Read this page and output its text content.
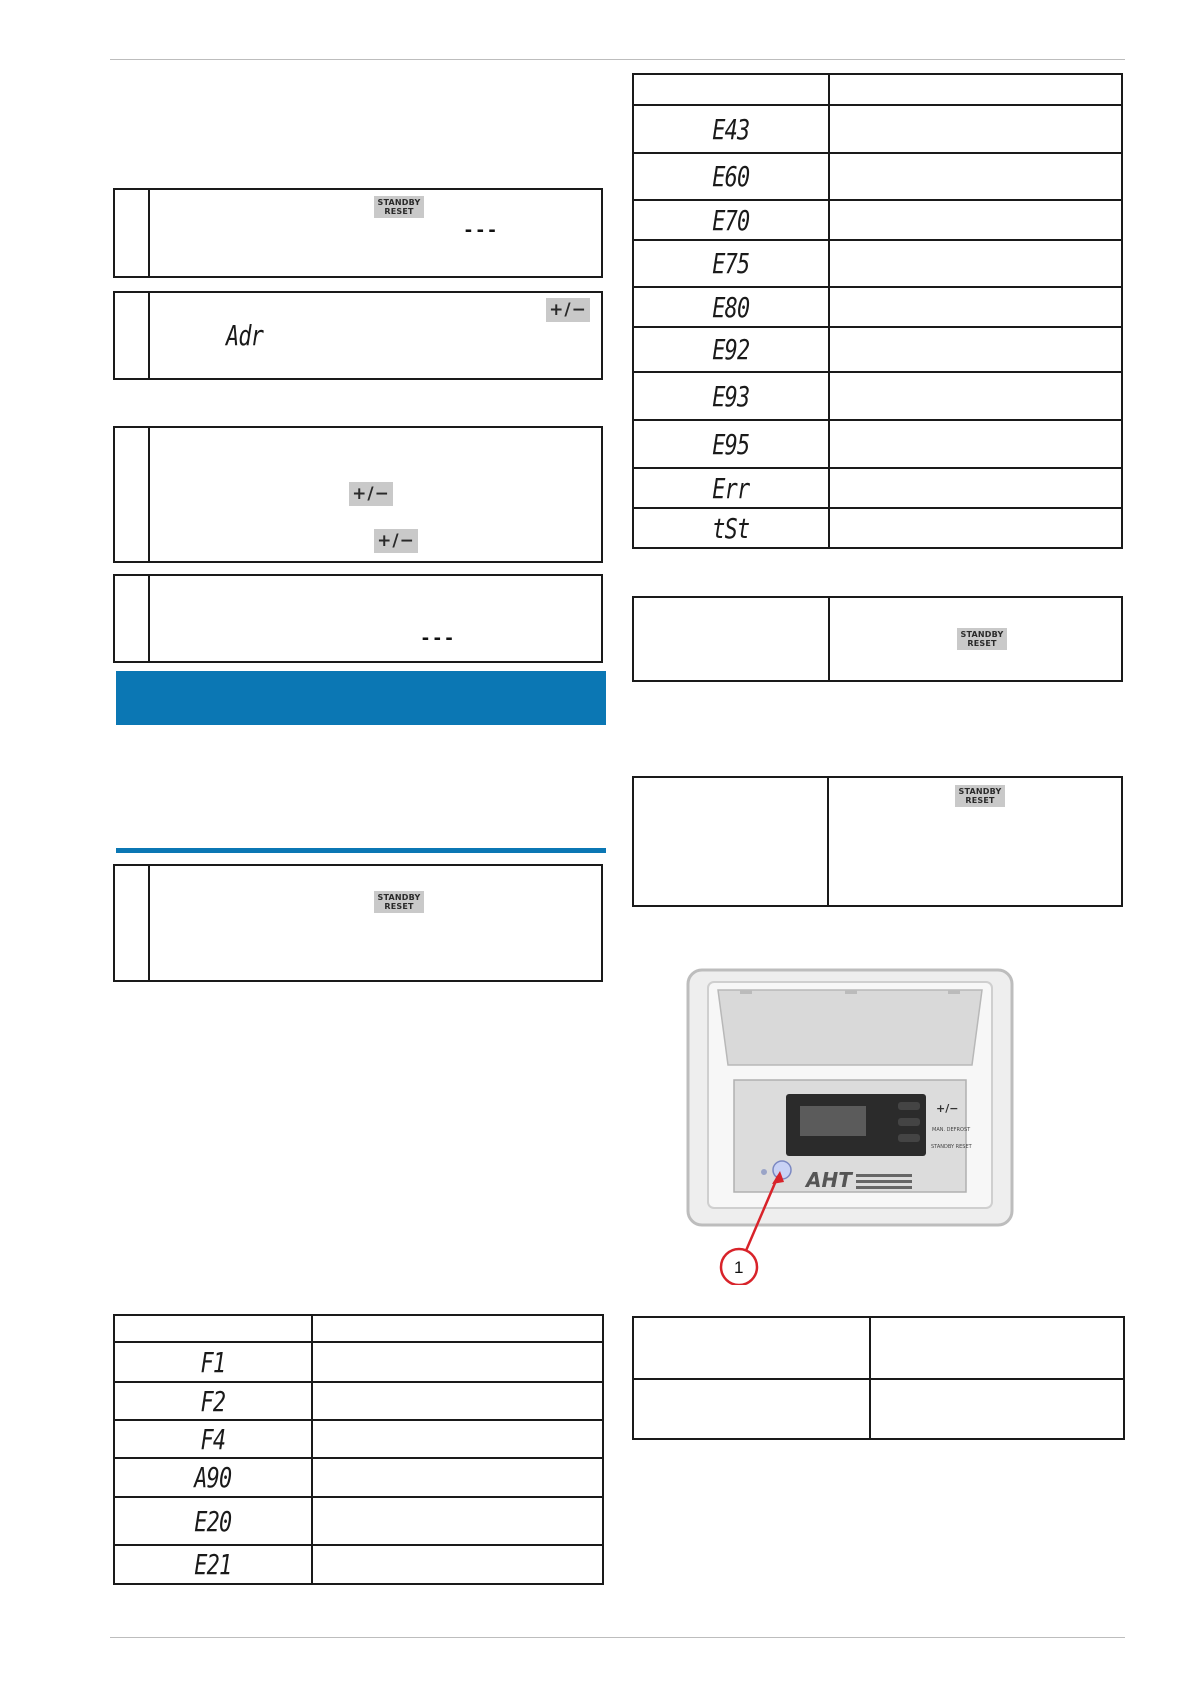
STANDBY
RESET
---
+/−
Adr
+/−
+/−
---
STANDBY
RESET

F1	
F2	
F4	
A90	
E20	
E21	

E43	
E60	
E70	
E75	
E80	
E92	
E93	
E95	
Err	
tSt	
STANDBY
RESET
STANDBY
RESET
+/−
MAN. DEFROST
STANDBY RESET
AHT
1
